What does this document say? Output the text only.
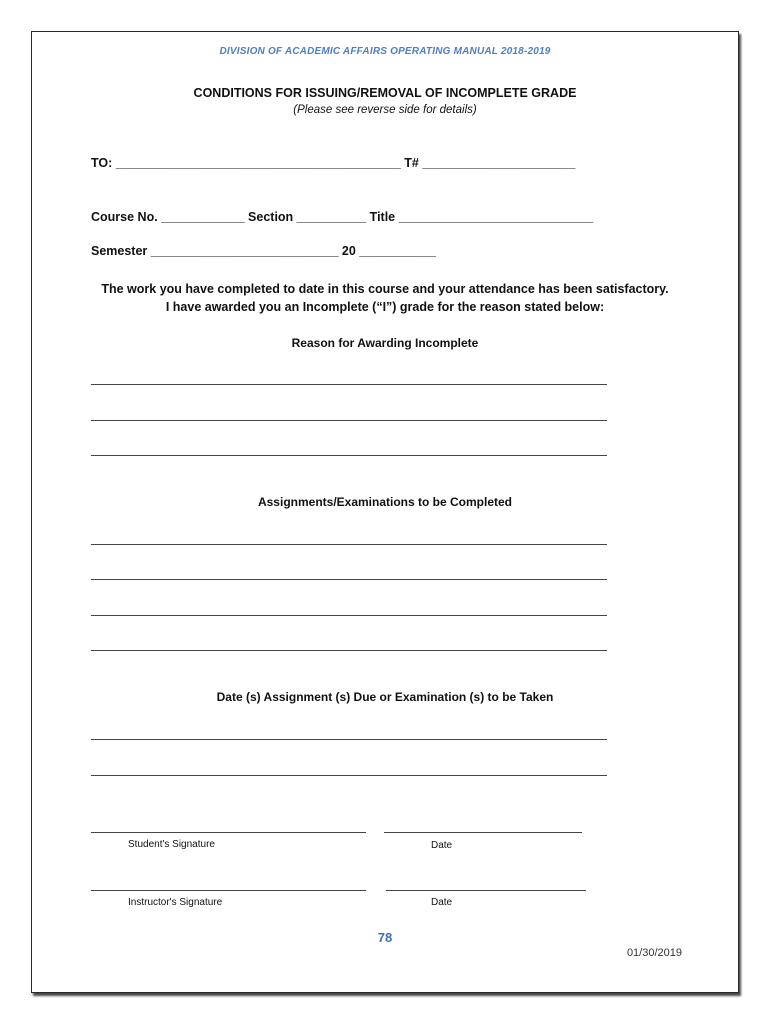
DIVISION OF ACADEMIC AFFAIRS OPERATING MANUAL 2018-2019
CONDITIONS FOR ISSUING/REMOVAL OF INCOMPLETE GRADE
(Please see reverse side for details)
TO: _________________________________________ T# ______________________
Course No. ____________ Section __________ Title ____________________________
Semester ___________________________ 20 ___________
The work you have completed to date in this course and your attendance has been satisfactory.
I have awarded you an Incomplete (“I”) grade for the reason stated below:
Reason for Awarding Incomplete
Assignments/Examinations to be Completed
Date (s) Assignment (s) Due or Examination (s) to be Taken
Student's Signature	Date
Instructor's Signature	Date
78
01/30/2019
